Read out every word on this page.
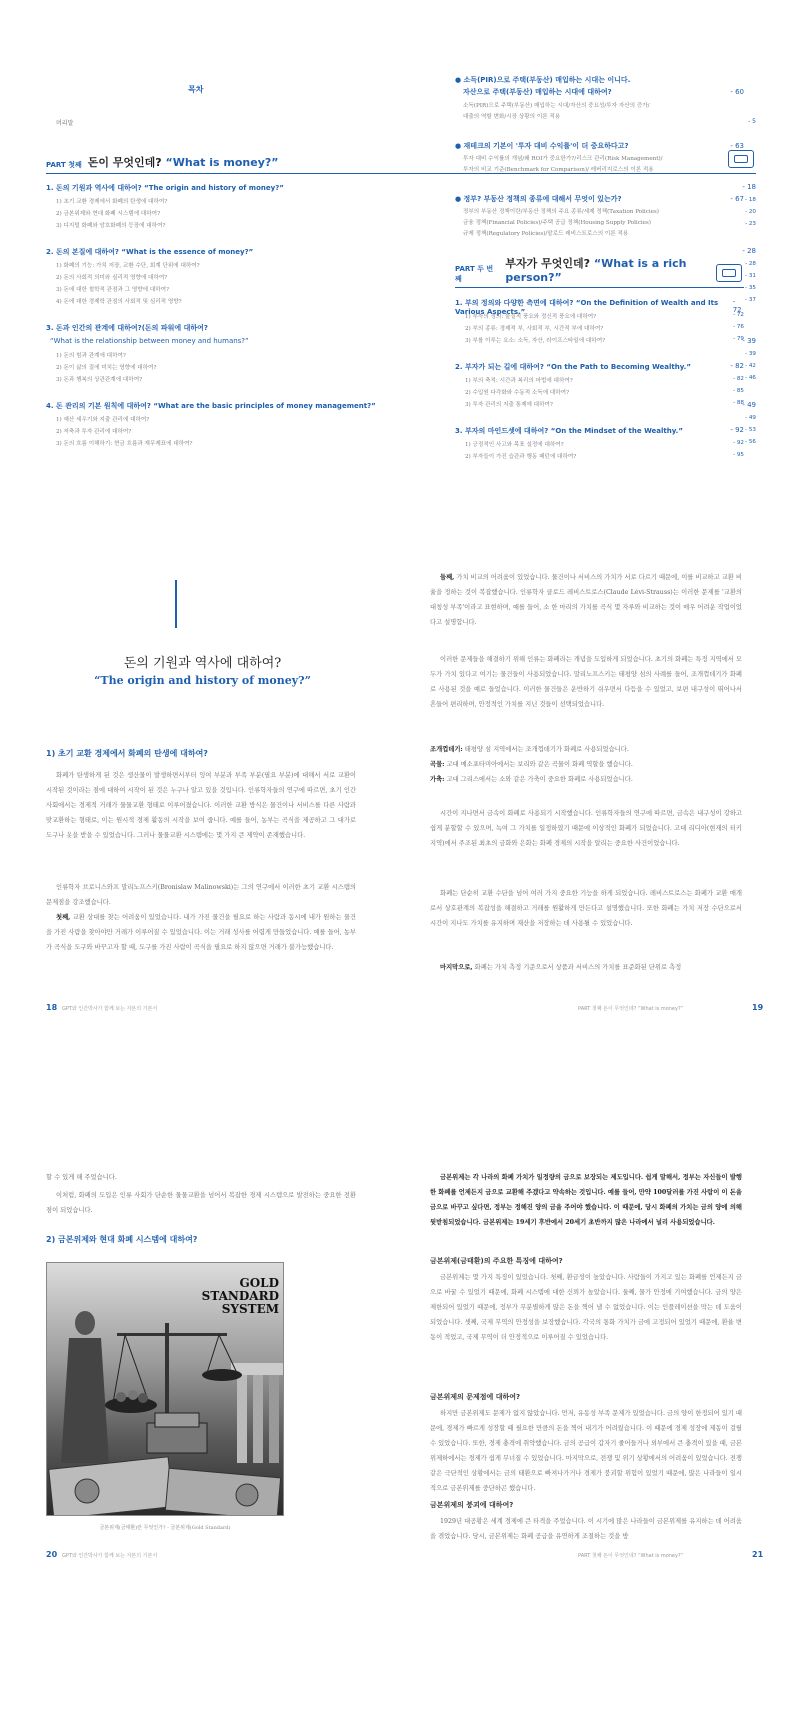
목차
머리말	- 5
PART 첫째 돈이 무엇인데? “What is money?”
1. 돈의 기원과 역사에 대하여? “The origin and history of money?”	- 18
1) 초기 교환 경제에서 화폐의 탄생에 대하여?	- 18
2) 금본위제와 현대 화폐 시스템에 대하여?	- 20
3) 디지털 화폐와 암호화폐의 등장에 대하여?	- 23
2. 돈의 본질에 대하여? “What is the essence of money?”	- 28
1) 화폐의 기능: 가치 저장, 교환 수단, 회계 단위에 대하여?	- 28
2) 돈의 사회적 의미와 심리적 영향에 대하여?	- 31
3) 돈에 대한 철학적 관점과 그 영향에 대하여?	- 35
4) 돈에 대한 경제학 관점의 사회적 및 심리적 영향?	- 37
3. 돈과 인간의 관계에 대하여?(돈의 파워에 대하여?
“What is the relationship between money and humans?”	- 39
1) 돈의 힘과 관계에 대하여?	- 39
2) 돈이 삶의 질에 미치는 영향에 대하여?	- 42
3) 돈과 행복의 상관관계에 대하여?	- 46
4. 돈 관리의 기본 원칙에 대하여? “What are the basic principles of money management?”	- 49
1) 예산 세우기와 지출 관리에 대하여?	- 49
2) 저축과 투자 관리에 대하여?	- 53
3) 돈의 흐름 이해하기: 현금 흐름과 재무제표에 대하여?	- 56
● 소득(PIR)으로 주택(부동산) 매입하는 시대는 이니다.
자산으로 주택(부동산) 매입하는 시대에 대하여?	- 60
소득(PIR)으로 주택(부동산) 매입하는 시대/자산의 중요성/투자 자산의 증가/
대출의 역할 변화/시장 상황의 이론 적용
● 재테크의 기본이 '투자 대비 수익률'이 더 중요하다고?	- 63
투자 대비 수익률의 개념/왜 ROI가 중요한가?/리스크 관리(Risk Management)/
투자의 비교 기준(Benchmark for Comparison)/ 레버리지로스의 이론 적용
● 정부? 부동산 정책의 종류에 대해서 무엇이 있는가?	- 67
정부의 부동산 정책이란/부동산 정책의 주요 종류/세제 정책(Taxation Policies)
금융 정책(Financial Policies)/주택 공급 정책(Housing Supply Policies)
규제 정책(Regulatory Policies)/맡로드 레비스트로스의 이론 적용
PART 두 번째
부자가 무엇인데? “What is a rich person?”
1. 부의 정의와 다양한 측면에 대하여? “On the Definition of Wealth and Its Various Aspects.”
- 72
1) 부자의 정의: 물질적 풍요와 정신적 풍요에 대하여?	- 72
2) 부의 종류: 경제적 부, 사회적 부, 시간적 부에 대하여?	- 76
3) 부를 이루는 요소: 소득, 자산, 라이프스타일에 대하여?	- 79
2. 부자가 되는 길에 대하여? “On the Path to Becoming Wealthy.”	- 82
1) 부의 축적: 시간과 복리의 마법에 대하여?	- 82
2) 수입원 다각화와 수동적 소득에 대하여?	- 85
3) 투자 관리의 지출 통제에 대하여?	- 88
3. 부자의 마인드셋에 대하여? “On the Mindset of the Wealthy.”	- 92
1) 긍정적인 사고와 목표 설정에 대하여?	- 92
2) 부자들이 가진 습관과 행동 패턴에 대하여?	- 95
돈의 기원과 역사에 대하여?
“The origin and history of money?”
1) 초기 교환 경제에서 화폐의 탄생에 대하여?
화폐가 탄생하게 된 것은 생산물이 발생하면서부터 잉여 부분과 부족 부분(필요 부분)에 대해서 서로 교환이 시작된 것이라는 점에 대하여 시작이 된 것은 누구나 알고 있을 것입니다. 인류학자들의 연구에 따르면, 초기 인간 사회에서는 경제적 거래가 물물교환 형태로 이루어졌습니다. 이러한 교환 방식은 물건이나 서비스를 다른 사람과 맞교환하는 형태로, 이는 원시적 경제 활동의 시작을 보여 줍니다. 예를 들어, 농부는 곡식을 제공하고 그 대가로 도구나 옷을 받을 수 있었습니다. 그러나 물물교환 시스템에는 몇 가지 큰 제약이 존재했습니다.
인류학자 브로니스와프 말리노프스키(Bronislaw Malinowski)는 그의 연구에서 이러한 초기 교환 시스템의 문제점을 강조했습니다.
첫째, 교환 상대를 찾는 어려움이 있었습니다. 내가 가진 물건을 필요로 하는 사람과 동시에 내가 원하는 물건을 가진 사람을 찾아야만 거래가 이루어질 수 있었습니다. 이는 거래 성사를 어렵게 만들었습니다. 예를 들어, 농부가 곡식을 도구와 바꾸고자 할 때, 도구를 가진 사람이 곡식을 필요로 하지 않으면 거래가 불가능했습니다.
18 GPT와 인간박사가 함께 보는 자본의 기본서
둘째, 가치 비교의 어려움이 있었습니다. 물건이나 서비스의 가치가 서로 다르기 때문에, 이를 비교하고 교환 비율을 정하는 것이 복잡했습니다. 인류학자 클로드 레비스트로스(Claude Lévi-Strauss)는 이러한 문제를 '교환의 대칭성 부족'이라고 표현하며, 예를 들어, 소 한 마리의 가치를 곡식 몇 자루와 비교하는 것이 매우 어려운 작업이었다고 설명합니다.
이러한 문제들을 해결하기 위해 인류는 화폐라는 개념을 도입하게 되었습니다. 초기의 화폐는 특정 지역에서 모두가 가치 있다고 여기는 물건들이 사용되었습니다. 말리노프스키는 태평양 섬의 사례를 들어, 조개껍데기가 화폐로 사용된 것을 예로 들었습니다. 이러한 물건들은 운반하기 쉬우면서 다듬을 수 있었고, 보편 내구성이 뛰어나서 흔들어 편리하며, 안정적인 가치를 지닌 것들이 선택되었습니다.
조개껍데기: 태평양 섬 지역에서는 조개껍데기가 화폐로 사용되었습니다.
곡물: 고대 메소포타미아에서는 보리와 같은 곡물이 화폐 역할을 했습니다.
가축: 고대 그리스에서는 소와 같은 가축이 중요한 화폐로 사용되었습니다.
시간이 지나면서 금속이 화폐로 사용되기 시작했습니다. 인류학자들의 연구에 따르면, 금속은 내구성이 강하고 쉽게 분할할 수 있으며, 녹여 그 가치를 일정하였기 때문에 이상적인 화폐가 되었습니다. 고대 리디아(현재의 터키 지역)에서 주조된 최초의 금화와 은화는 화폐 경제의 시작을 알리는 중요한 사건이었습니다.
화폐는 단순히 교환 수단을 넘어 여러 가지 중요한 기능을 하게 되었습니다. 레비스트로스는 화폐가 교환 매개로서 상호관계의 복잡성을 해결하고 거래를 원활하게 만든다고 설명했습니다. 또한 화폐는 가치 저장 수단으로서 시간이 지나도 가치를 유지하며 재산을 저장하는 데 사용될 수 있었습니다.
마지막으로, 화폐는 가치 측정 기준으로서 상품과 서비스의 가치를 표준화된 단위로 측정
PART 첫째 돈이 무엇인데? “What is money?”	19
할 수 있게 해 주었습니다.
이처럼, 화폐의 도입은 인류 사회가 단순한 물물교환을 넘어서 복잡한 경제 시스템으로 발전하는 중요한 전환점이 되었습니다.
2) 금본위제와 현대 화폐 시스템에 대하여?
GOLD STANDARD SYSTEM
금본위제(금태환)란 무엇인가? - 금본위제(Gold Standard)
20 GPT와 인간박사가 함께 보는 자본의 기본서
금본위제는 각 나라의 화폐 가치가 일정량의 금으로 보장되는 제도입니다. 쉽게 말해서, 정부는 자신들이 발행한 화폐를 언제든지 금으로 교환해 주겠다고 약속하는 것입니다. 예를 들어, 만약 100달러를 가진 사람이 이 돈을 금으로 바꾸고 싶다면, 정부는 정해진 양의 금을 주어야 했습니다. 이 때문에, 당시 화폐의 가치는 금의 양에 의해 뒷받침되었습니다. 금본위제는 19세기 후반에서 20세기 초반까지 많은 나라에서 널리 사용되었습니다.
금본위제(금태환)의 주요한 특징에 대하여?
금본위제는 몇 가지 특징이 있었습니다. 첫째, 환금성이 높았습니다. 사람들이 가지고 있는 화폐를 언제든지 금으로 바꿀 수 있었기 때문에, 화폐 시스템에 대한 신뢰가 높았습니다. 둘째, 물가 안정에 기여했습니다. 금의 양은 제한되어 있었기 때문에, 정부가 무분별하게 많은 돈을 찍어 낼 수 없었습니다. 이는 인플레이션을 막는 데 도움이 되었습니다. 셋째, 국제 무역의 안정성을 보장했습니다. 각국의 통화 가치가 금에 고정되어 있었기 때문에, 환율 변동이 적었고, 국제 무역이 더 안정적으로 이루어질 수 있었습니다.
금본위제의 문제점에 대하여?
하지만 금본위제도 문제가 없지 않았습니다. 먼저, 유동성 부족 문제가 있었습니다. 금의 양이 한정되어 있기 때문에, 경제가 빠르게 성장할 때 필요한 만큼의 돈을 찍어 내기가 어려웠습니다. 이 때문에 경제 성장에 제동이 걸릴 수 있었습니다. 또한, 경제 충격에 취약했습니다. 금의 공급이 갑자기 줄어들거나 외부에서 큰 충격이 있을 때, 금본위제하에서는 경제가 쉽게 무너질 수 있었습니다. 마지막으로, 전쟁 및 위기 상황에서의 어려움이 있었습니다. 전쟁 같은 극단적인 상황에서는 금의 태환으로 빠져나가거나 경제가 붕괴할 위험이 있었기 때문에, 많은 나라들이 일시적으로 금본위제를 중단하곤 했습니다.
금본위제의 붕괴에 대하여?
1929년 대공황은 세계 경제에 큰 타격을 주었습니다. 이 시기에 많은 나라들이 금본위제를 유지하는 데 어려움을 겪었습니다. 당시, 금본위제는 화폐 공급을 유연하게 조절하는 것을 방
PART 첫째 돈이 무엇인데? “What is money?”	21
